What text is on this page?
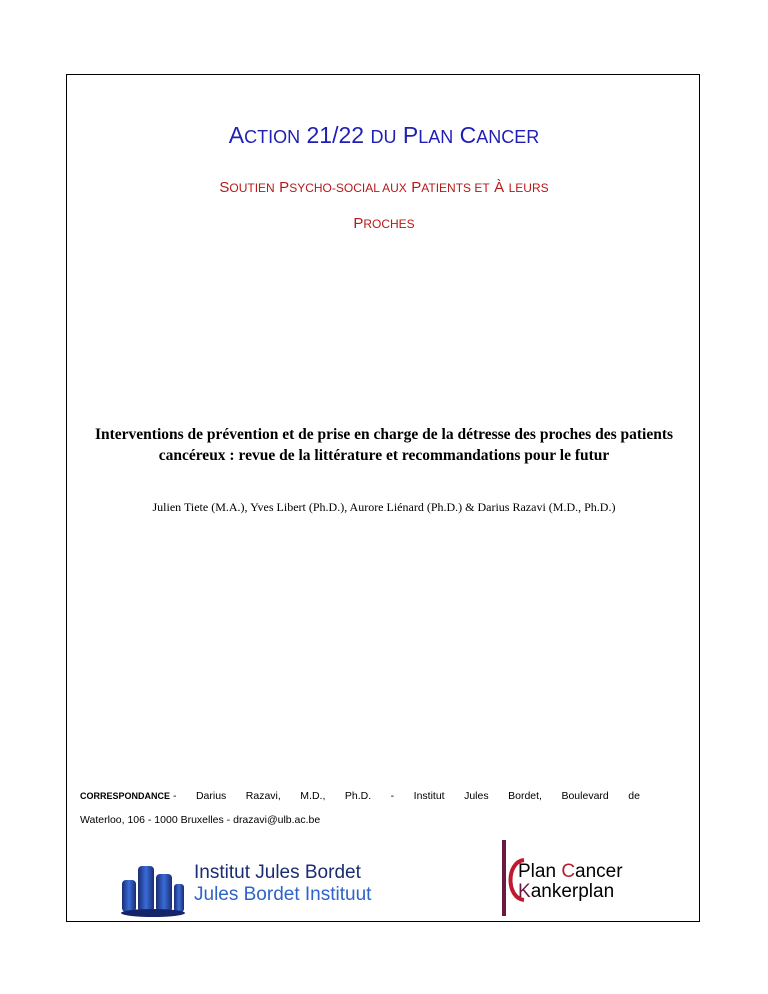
ACTION 21/22 DU PLAN CANCER
SOUTIEN PSYCHO-SOCIAL AUX PATIENTS ET À LEURS
PROCHES
Interventions de prévention et de prise en charge de la détresse des proches des patients cancéreux : revue de la littérature et recommandations pour le futur
Julien Tiete (M.A.), Yves Libert (Ph.D.), Aurore Liénard (Ph.D.) & Darius Razavi (M.D., Ph.D.)
CORRESPONDANCE - Darius Razavi, M.D., Ph.D. - Institut Jules Bordet, Boulevard de
Waterloo, 106 - 1000 Bruxelles - drazavi@ulb.ac.be
Institut Jules Bordet
Jules Bordet Instituut
Plan Cancer
Kankerplan
